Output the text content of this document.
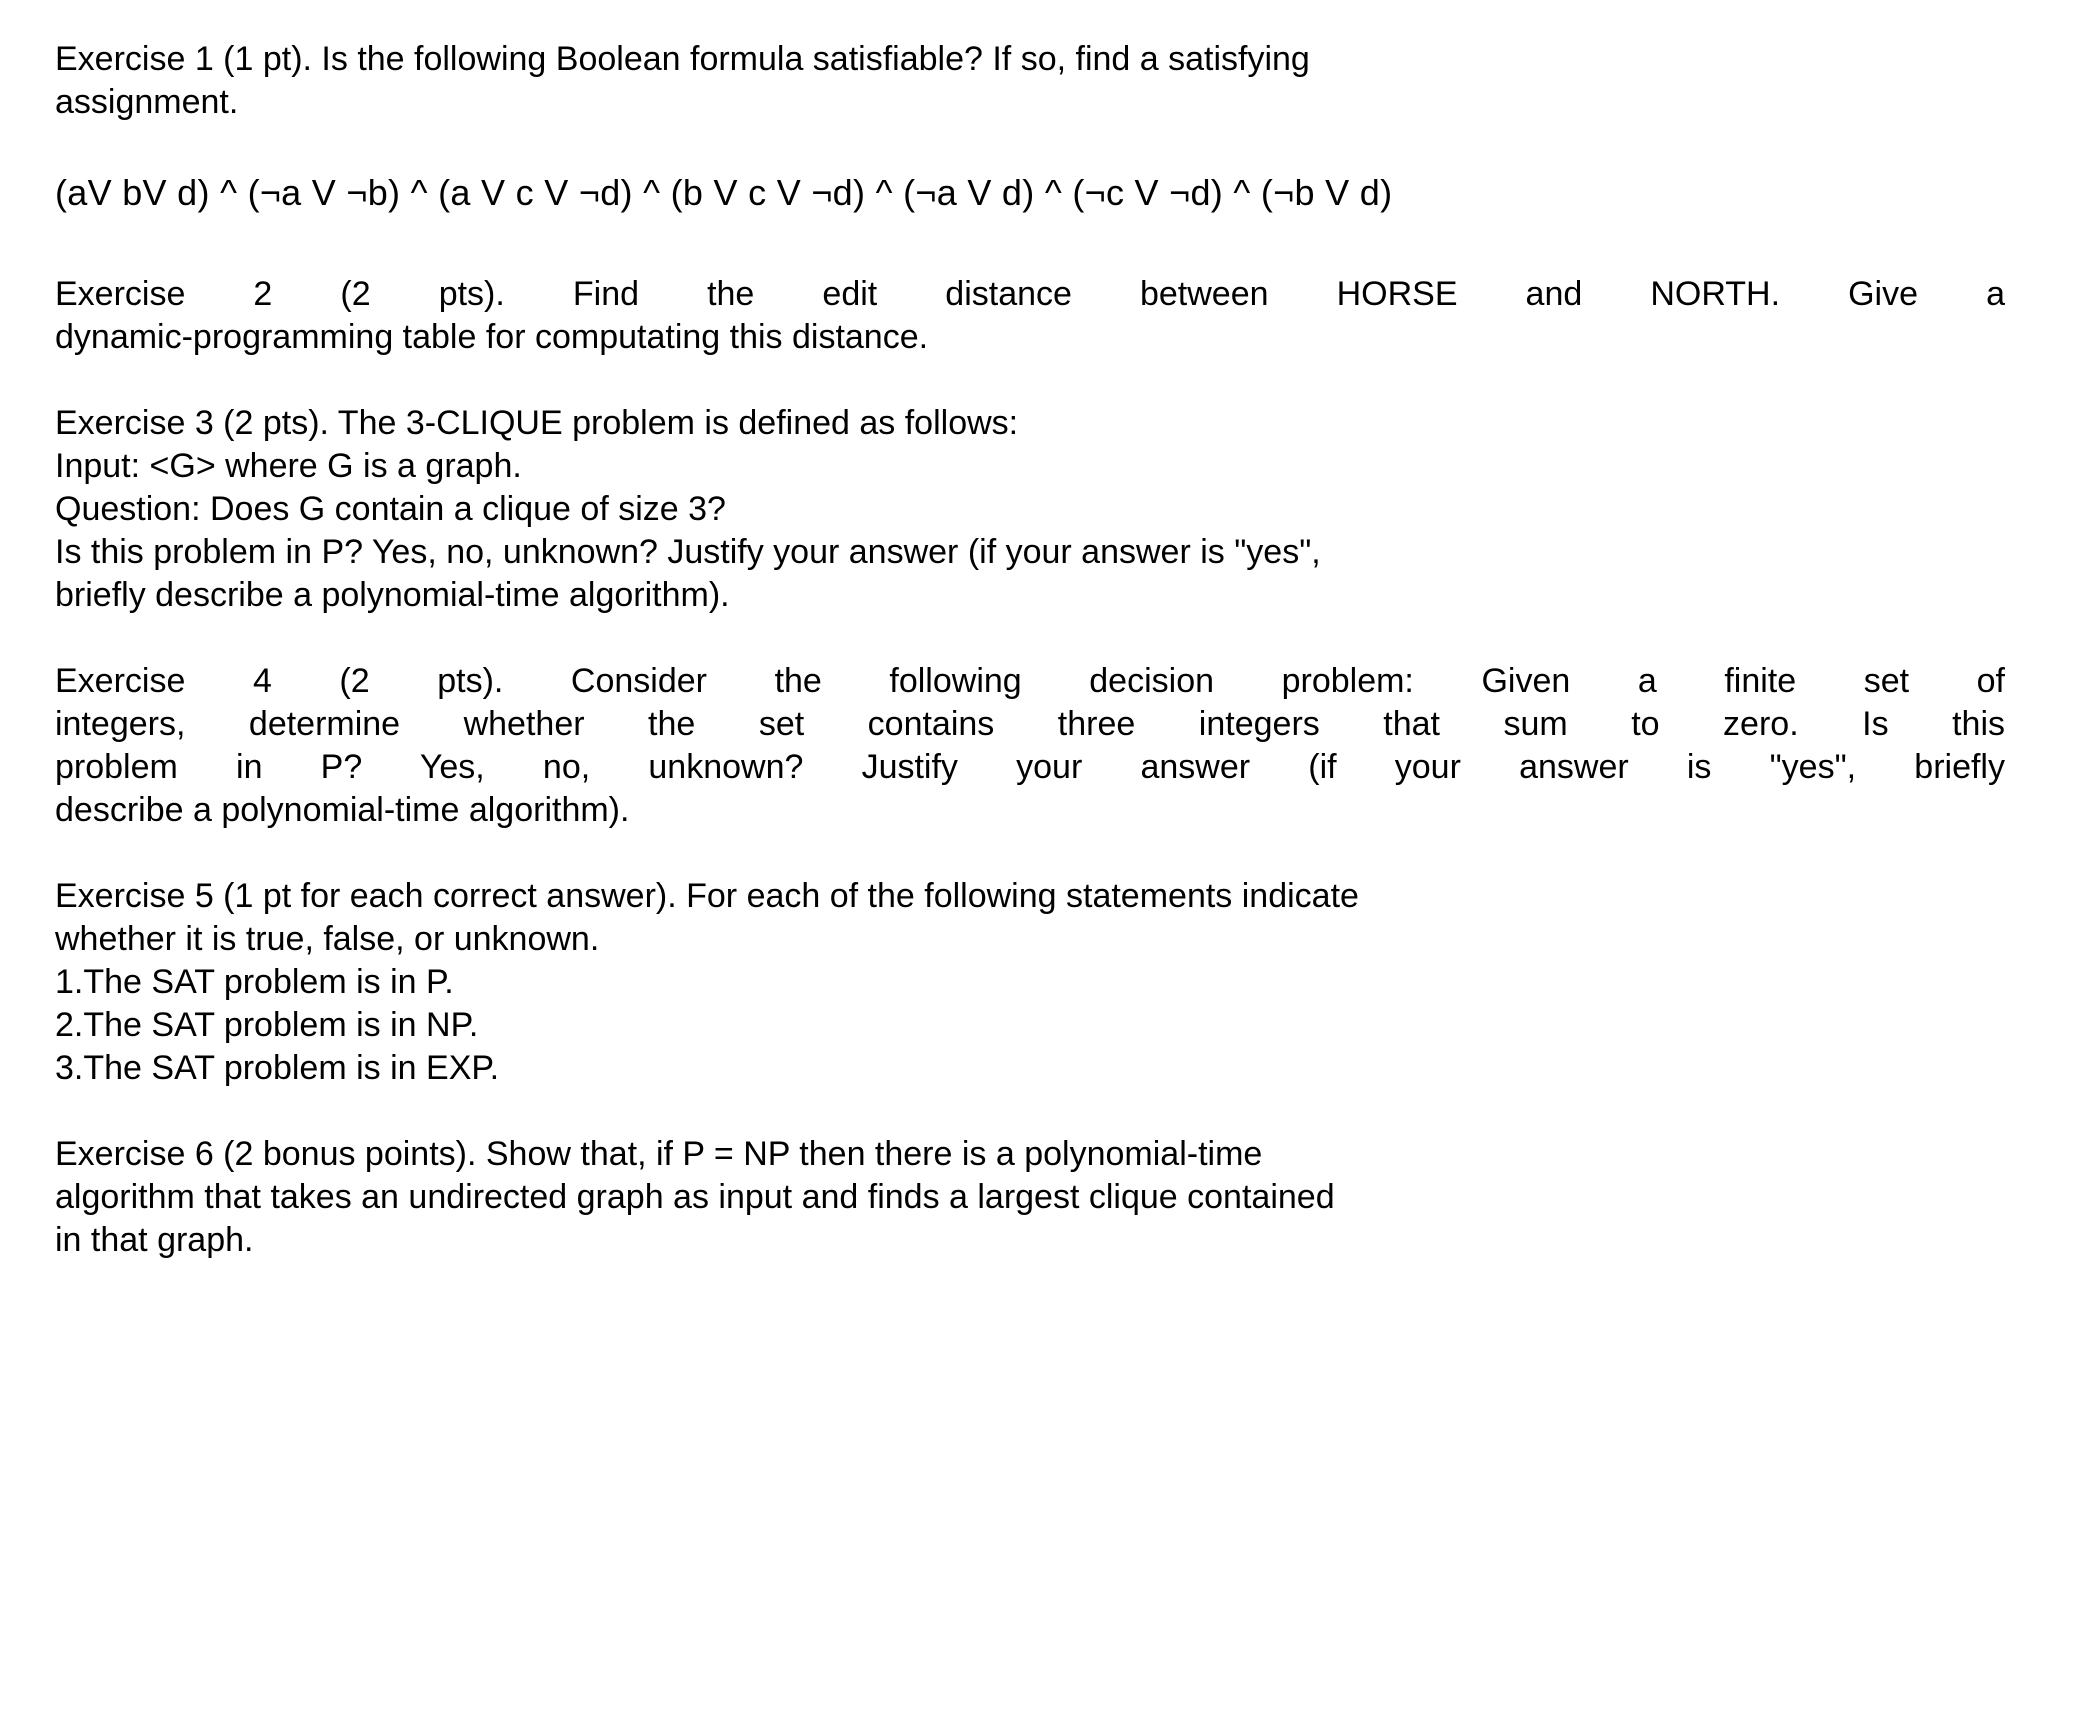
Exercise 1 (1 pt). Is the following Boolean formula satisfiable? If so, find a satisfying
assignment.
(aV bV d) ^ (¬a V ¬b) ^ (a V c V ¬d) ^ (b V c V ¬d) ^ (¬a V d) ^ (¬c V ¬d) ^ (¬b V d)
Exercise 2 (2 pts). Find the edit distance between HORSE and NORTH. Give a
dynamic-programming table for computating this distance.
Exercise 3 (2 pts). The 3-CLIQUE problem is defined as follows:
Input: <G> where G is a graph.
Question: Does G contain a clique of size 3?
Is this problem in P? Yes, no, unknown? Justify your answer (if your answer is "yes",
briefly describe a polynomial-time algorithm).
Exercise 4 (2 pts). Consider the following decision problem: Given a finite set of
integers, determine whether the set contains three integers that sum to zero. Is this
problem in P? Yes, no, unknown? Justify your answer (if your answer is "yes", briefly
describe a polynomial-time algorithm).
Exercise 5 (1 pt for each correct answer). For each of the following statements indicate
whether it is true, false, or unknown.
1.The SAT problem is in P.
2.The SAT problem is in NP.
3.The SAT problem is in EXP.
Exercise 6 (2 bonus points). Show that, if P = NP then there is a polynomial-time
algorithm that takes an undirected graph as input and finds a largest clique contained
in that graph.
